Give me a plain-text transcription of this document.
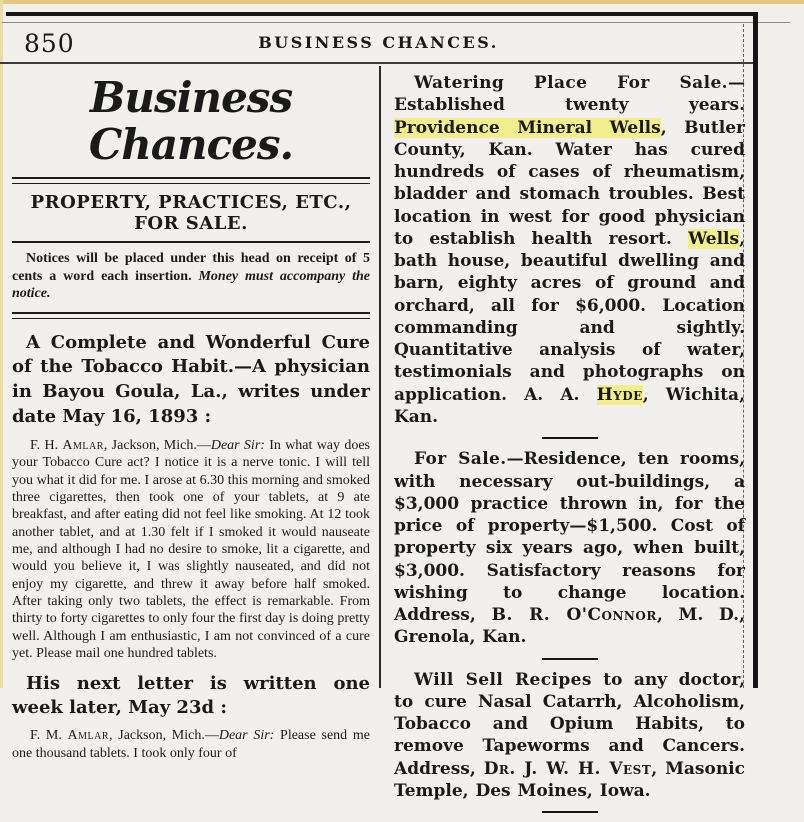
850	BUSINESS CHANCES.
Business Chances.
PROPERTY, PRACTICES, ETC., FOR SALE.

Notices will be placed under this head on receipt of 5 cents a word each insertion. Money must accompany the notice.

A Complete and Wonderful Cure of the Tobacco Habit.—A physician in Bayou Goula, La., writes under date May 16, 1893 :

F. H. Amlar, Jackson, Mich.—Dear Sir: In what way does your Tobacco Cure act? I notice it is a nerve tonic. I will tell you what it did for me. I arose at 6.30 this morning and smoked three cigarettes, then took one of your tablets, at 9 ate breakfast, and after eating did not feel like smoking. At 12 took another tablet, and at 1.30 felt if I smoked it would nauseate me, and although I had no desire to smoke, lit a cigarette, and would you believe it, I was slightly nauseated, and did not enjoy my cigarette, and threw it away before half smoked. After taking only two tablets, the effect is remarkable. From thirty to forty cigarettes to only four the first day is doing pretty well. Although I am enthusiastic, I am not convinced of a cure yet. Please mail one hundred tablets.

His next letter is written one week later, May 23d :

F. M. Amlar, Jackson, Mich.—Dear Sir: Please send me one thousand tablets. I took only four of

Watering Place For Sale.—Established twenty years. Providence Mineral Wells, Butler County, Kan. Water has cured hundreds of cases of rheumatism, bladder and stomach troubles. Best location in west for good physician to establish health resort. Wells, bath house, beautiful dwelling and barn, eighty acres of ground and orchard, all for $6,000. Location commanding and sightly. Quantitative analysis of water, testimonials and photographs on application. A. A. Hyde, Wichita, Kan.

For Sale.—Residence, ten rooms, with necessary out-buildings, a $3,000 practice thrown in, for the price of property—$1,500. Cost of property six years ago, when built, $3,000. Satisfactory reasons for wishing to change location. Address, B. R. O'Connor, M. D., Grenola, Kan.

Will Sell Recipes to any doctor, to cure Nasal Catarrh, Alcoholism, Tobacco and Opium Habits, to remove Tapeworms and Cancers. Address, Dr. J. W. H. Vest, Masonic Temple, Des Moines, Iowa.
